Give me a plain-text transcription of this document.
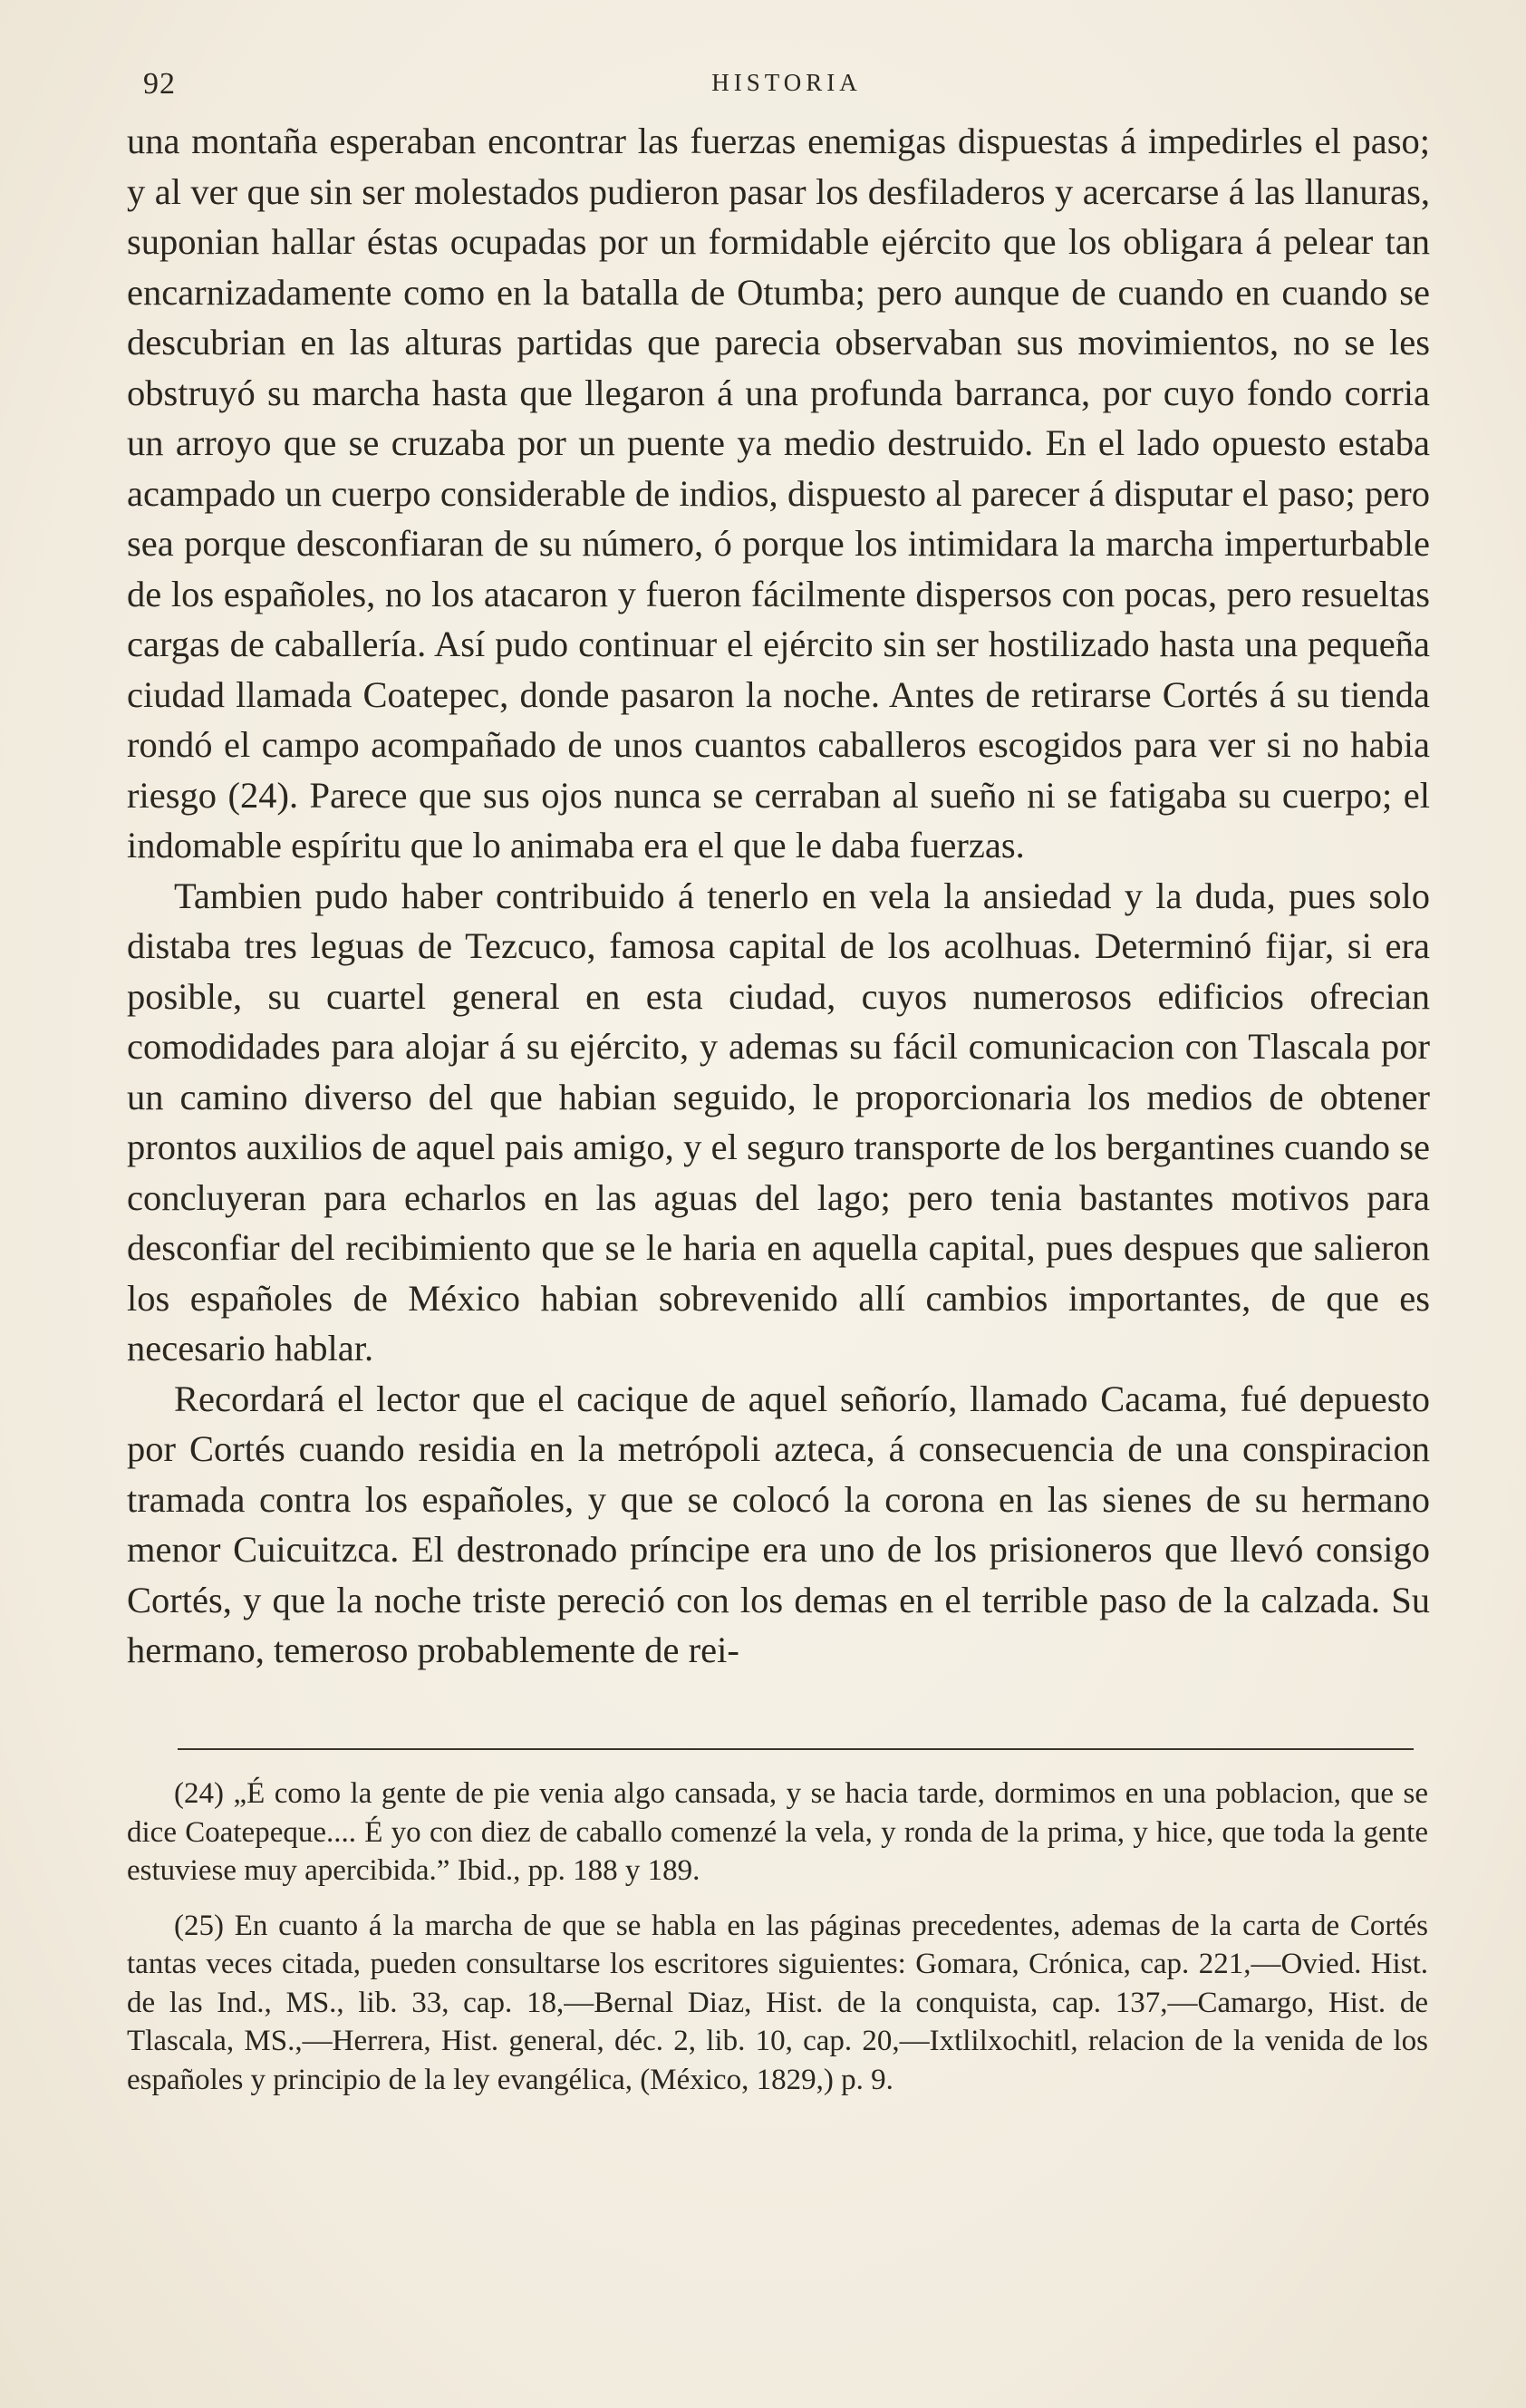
92	HISTORIA

una montaña esperaban encontrar las fuerzas enemigas dispuestas á impedirles el paso; y al ver que sin ser molestados pudieron pasar los desfiladeros y acercarse á las llanuras, suponian hallar éstas ocupadas por un formidable ejército que los obligara á pelear tan encarnizadamente como en la batalla de Otumba; pero aunque de cuando en cuando se descubrian en las alturas partidas que parecia observaban sus movimientos, no se les obstruyó su marcha hasta que llegaron á una profunda barranca, por cuyo fondo corria un arroyo que se cruzaba por un puente ya medio destruido. En el lado opuesto estaba acampado un cuerpo considerable de indios, dispuesto al parecer á disputar el paso; pero sea porque desconfiaran de su número, ó porque los intimidara la marcha imperturbable de los españoles, no los atacaron y fueron fácilmente dispersos con pocas, pero resueltas cargas de caballería. Así pudo continuar el ejército sin ser hostilizado hasta una pequeña ciudad llamada Coatepec, donde pasaron la noche. Antes de retirarse Cortés á su tienda rondó el campo acompañado de unos cuantos caballeros escogidos para ver si no habia riesgo (24). Parece que sus ojos nunca se cerraban al sueño ni se fatigaba su cuerpo; el indomable espíritu que lo animaba era el que le daba fuerzas.

Tambien pudo haber contribuido á tenerlo en vela la ansiedad y la duda, pues solo distaba tres leguas de Tezcuco, famosa capital de los acolhuas. Determinó fijar, si era posible, su cuartel general en esta ciudad, cuyos numerosos edificios ofrecian comodidades para alojar á su ejército, y ademas su fácil comunicacion con Tlascala por un camino diverso del que habian seguido, le proporcionaria los medios de obtener prontos auxilios de aquel pais amigo, y el seguro transporte de los bergantines cuando se concluyeran para echarlos en las aguas del lago; pero tenia bastantes motivos para desconfiar del recibimiento que se le haria en aquella capital, pues despues que salieron los españoles de México habian sobrevenido allí cambios importantes, de que es necesario hablar.

Recordará el lector que el cacique de aquel señorío, llamado Cacama, fué depuesto por Cortés cuando residia en la metrópoli azteca, á consecuencia de una conspiracion tramada contra los españoles, y que se colocó la corona en las sienes de su hermano menor Cuicuitzca. El destronado príncipe era uno de los prisioneros que llevó consigo Cortés, y que la noche triste pereció con los demas en el terrible paso de la calzada. Su hermano, temeroso probablemente de rei-

(24) „É como la gente de pie venia algo cansada, y se hacia tarde, dormimos en una poblacion, que se dice Coatepeque.... É yo con diez de caballo comenzé la vela, y ronda de la prima, y hice, que toda la gente estuviese muy apercibida.” Ibid., pp. 188 y 189.

(25) En cuanto á la marcha de que se habla en las páginas precedentes, ademas de la carta de Cortés tantas veces citada, pueden consultarse los escritores siguientes: Gomara, Crónica, cap. 221,—Ovied. Hist. de las Ind., MS., lib. 33, cap. 18,—Bernal Diaz, Hist. de la conquista, cap. 137,—Camargo, Hist. de Tlascala, MS.,—Herrera, Hist. general, déc. 2, lib. 10, cap. 20,—Ixtlilxochitl, relacion de la venida de los españoles y principio de la ley evangélica, (México, 1829,) p. 9.
